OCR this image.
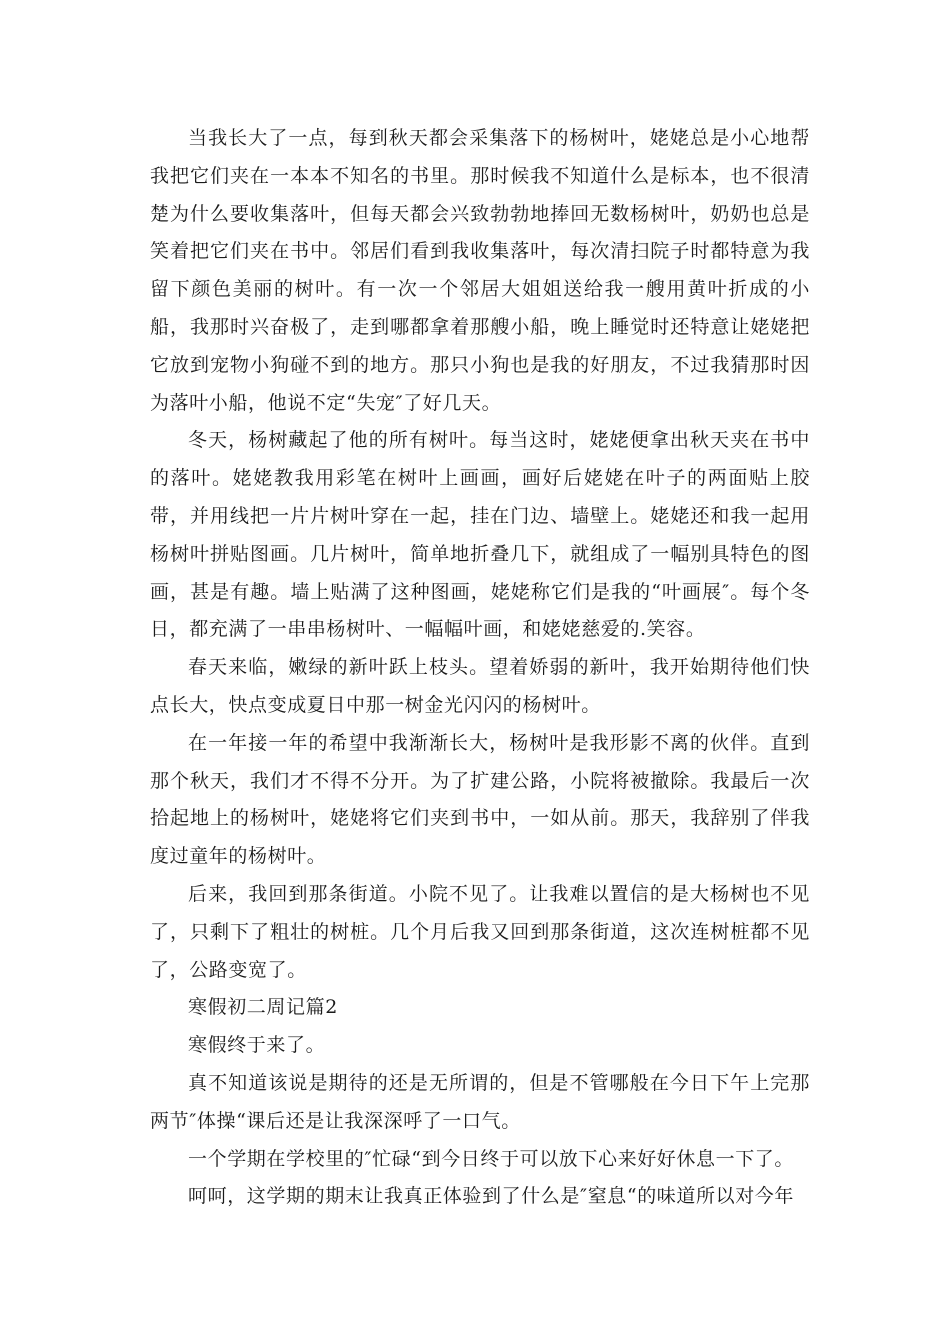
当我长大了一点，每到秋天都会采集落下的杨树叶，姥姥总是小心地帮我把它们夹在一本本不知名的书里。那时候我不知道什么是标本，也不很清楚为什么要收集落叶，但每天都会兴致勃勃地捧回无数杨树叶，奶奶也总是笑着把它们夹在书中。邻居们看到我收集落叶，每次清扫院子时都特意为我留下颜色美丽的树叶。有一次一个邻居大姐姐送给我一艘用黄叶折成的小船，我那时兴奋极了，走到哪都拿着那艘小船，晚上睡觉时还特意让姥姥把它放到宠物小狗碰不到的地方。那只小狗也是我的好朋友，不过我猜那时因为落叶小船，他说不定“失宠″了好几天。

冬天，杨树藏起了他的所有树叶。每当这时，姥姥便拿出秋天夹在书中的落叶。姥姥教我用彩笔在树叶上画画，画好后姥姥在叶子的两面贴上胶带，并用线把一片片树叶穿在一起，挂在门边、墙壁上。姥姥还和我一起用杨树叶拼贴图画。几片树叶，简单地折叠几下，就组成了一幅别具特色的图画，甚是有趣。墙上贴满了这种图画，姥姥称它们是我的“叶画展″。每个冬日，都充满了一串串杨树叶、一幅幅叶画，和姥姥慈爱的.笑容。

春天来临，嫩绿的新叶跃上枝头。望着娇弱的新叶，我开始期待他们快点长大，快点变成夏日中那一树金光闪闪的杨树叶。

在一年接一年的希望中我渐渐长大，杨树叶是我形影不离的伙伴。直到那个秋天，我们才不得不分开。为了扩建公路，小院将被撤除。我最后一次拾起地上的杨树叶，姥姥将它们夹到书中，一如从前。那天，我辞别了伴我度过童年的杨树叶。

后来，我回到那条街道。小院不见了。让我难以置信的是大杨树也不见了，只剩下了粗壮的树桩。几个月后我又回到那条街道，这次连树桩都不见了，公路变宽了。

寒假初二周记篇2

寒假终于来了。

真不知道该说是期待的还是无所谓的，但是不管哪般在今日下午上完那两节″体操“课后还是让我深深呼了一口气。

一个学期在学校里的″忙碌“到今日终于可以放下心来好好休息一下了。

呵呵，这学期的期末让我真正体验到了什么是″窒息“的味道所以对今年
